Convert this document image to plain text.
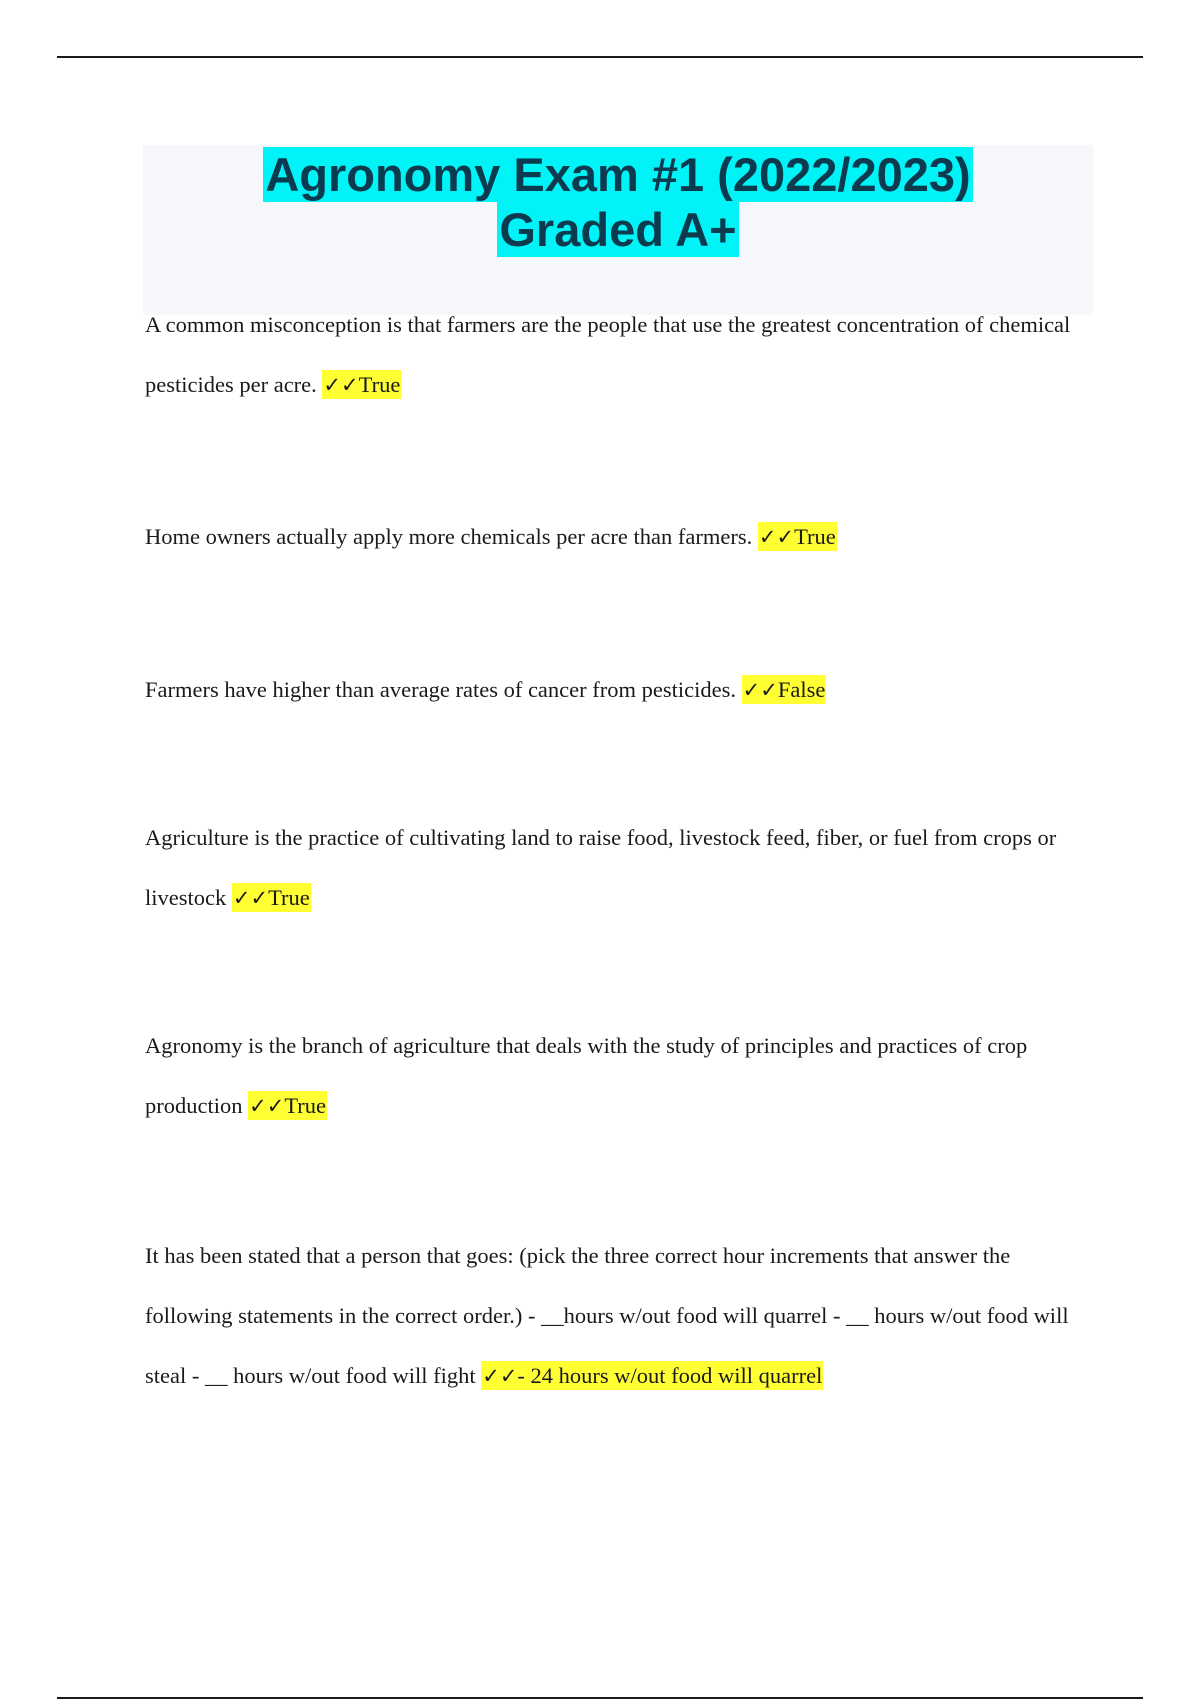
Agronomy Exam #1 (2022/2023)
Graded A+

A common misconception is that farmers are the people that use the greatest concentration of chemical pesticides per acre. ✓✓True

Home owners actually apply more chemicals per acre than farmers. ✓✓True

Farmers have higher than average rates of cancer from pesticides. ✓✓False

Agriculture is the practice of cultivating land to raise food, livestock feed, fiber, or fuel from crops or livestock ✓✓True

Agronomy is the branch of agriculture that deals with the study of principles and practices of crop production ✓✓True

It has been stated that a person that goes: (pick the three correct hour increments that answer the following statements in the correct order.) - __hours w/out food will quarrel - __ hours w/out food will steal - __ hours w/out food will fight ✓✓- 24 hours w/out food will quarrel
